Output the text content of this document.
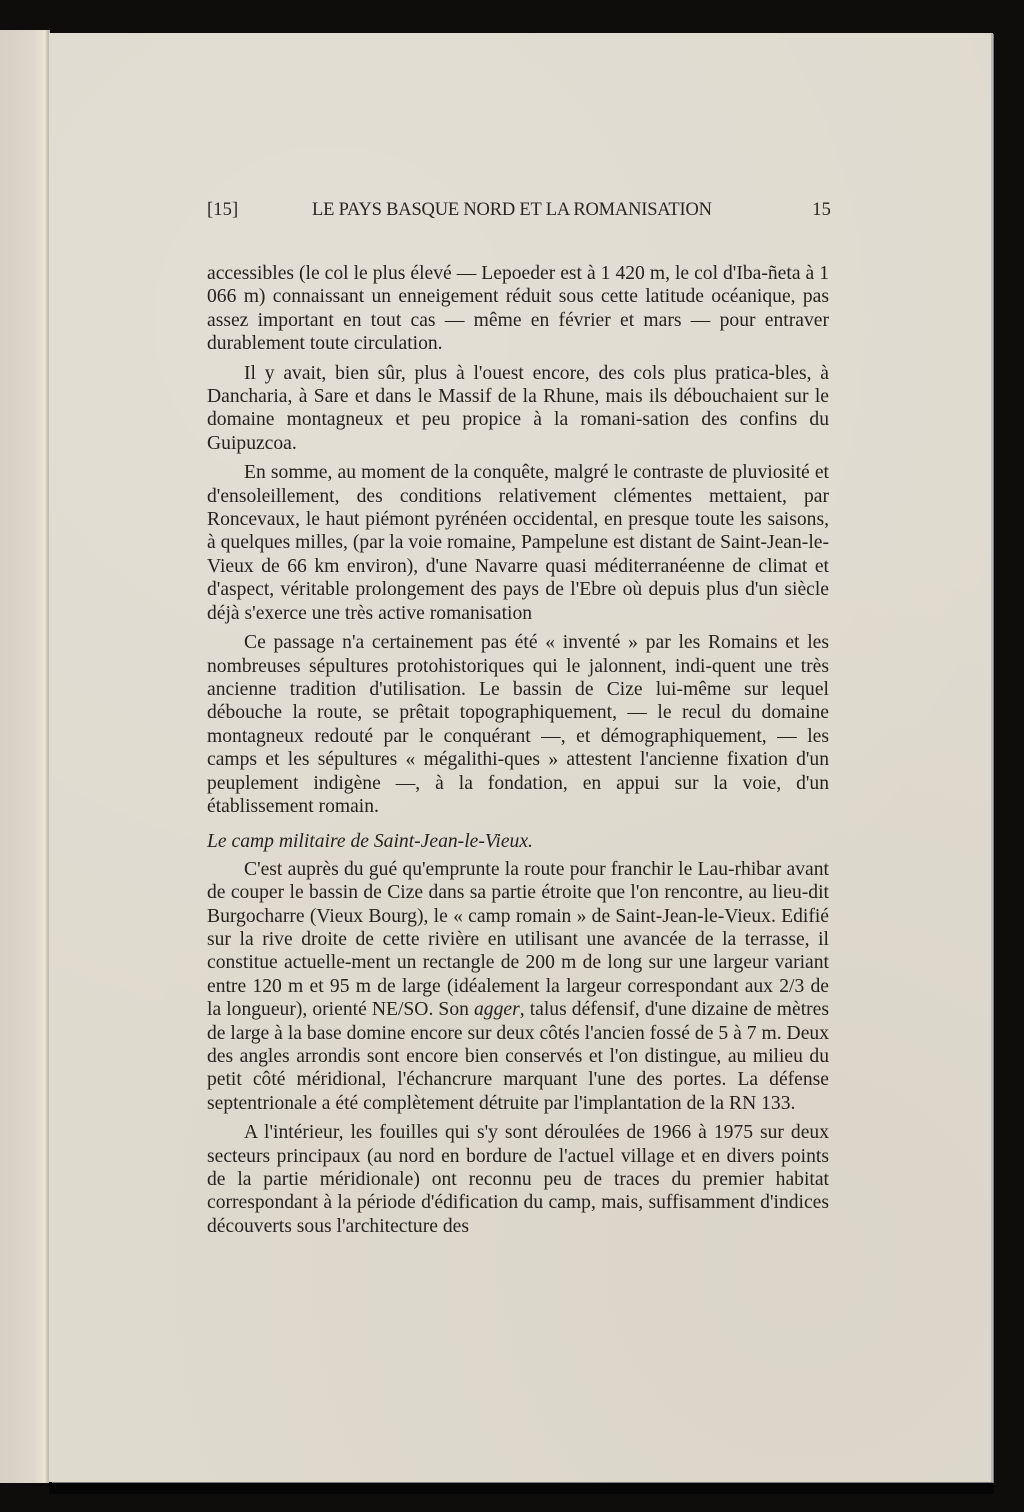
[15]	LE PAYS BASQUE NORD ET LA ROMANISATION	15

accessibles (le col le plus élevé — Lepoeder est à 1 420 m, le col d'Iba-ñeta à 1 066 m) connaissant un enneigement réduit sous cette latitude océanique, pas assez important en tout cas — même en février et mars — pour entraver durablement toute circulation.

Il y avait, bien sûr, plus à l'ouest encore, des cols plus pratica-bles, à Dancharia, à Sare et dans le Massif de la Rhune, mais ils débouchaient sur le domaine montagneux et peu propice à la romani-sation des confins du Guipuzcoa.

En somme, au moment de la conquête, malgré le contraste de pluviosité et d'ensoleillement, des conditions relativement clémentes mettaient, par Roncevaux, le haut piémont pyrénéen occidental, en presque toute les saisons, à quelques milles, (par la voie romaine, Pampelune est distant de Saint-Jean-le-Vieux de 66 km environ), d'une Navarre quasi méditerranéenne de climat et d'aspect, véritable prolongement des pays de l'Ebre où depuis plus d'un siècle déjà s'exerce une très active romanisation

Ce passage n'a certainement pas été « inventé » par les Romains et les nombreuses sépultures protohistoriques qui le jalonnent, indi-quent une très ancienne tradition d'utilisation. Le bassin de Cize lui-même sur lequel débouche la route, se prêtait topographiquement, — le recul du domaine montagneux redouté par le conquérant —, et démographiquement, — les camps et les sépultures « mégalithi-ques » attestent l'ancienne fixation d'un peuplement indigène —, à la fondation, en appui sur la voie, d'un établissement romain.

Le camp militaire de Saint-Jean-le-Vieux.

C'est auprès du gué qu'emprunte la route pour franchir le Lau-rhibar avant de couper le bassin de Cize dans sa partie étroite que l'on rencontre, au lieu-dit Burgocharre (Vieux Bourg), le « camp romain » de Saint-Jean-le-Vieux. Edifié sur la rive droite de cette rivière en utilisant une avancée de la terrasse, il constitue actuelle-ment un rectangle de 200 m de long sur une largeur variant entre 120 m et 95 m de large (idéalement la largeur correspondant aux 2/3 de la longueur), orienté NE/SO. Son agger, talus défensif, d'une dizaine de mètres de large à la base domine encore sur deux côtés l'ancien fossé de 5 à 7 m. Deux des angles arrondis sont encore bien conservés et l'on distingue, au milieu du petit côté méridional, l'échancrure marquant l'une des portes. La défense septentrionale a été complètement détruite par l'implantation de la RN 133.

A l'intérieur, les fouilles qui s'y sont déroulées de 1966 à 1975 sur deux secteurs principaux (au nord en bordure de l'actuel village et en divers points de la partie méridionale) ont reconnu peu de traces du premier habitat correspondant à la période d'édification du camp, mais, suffisamment d'indices découverts sous l'architecture des
